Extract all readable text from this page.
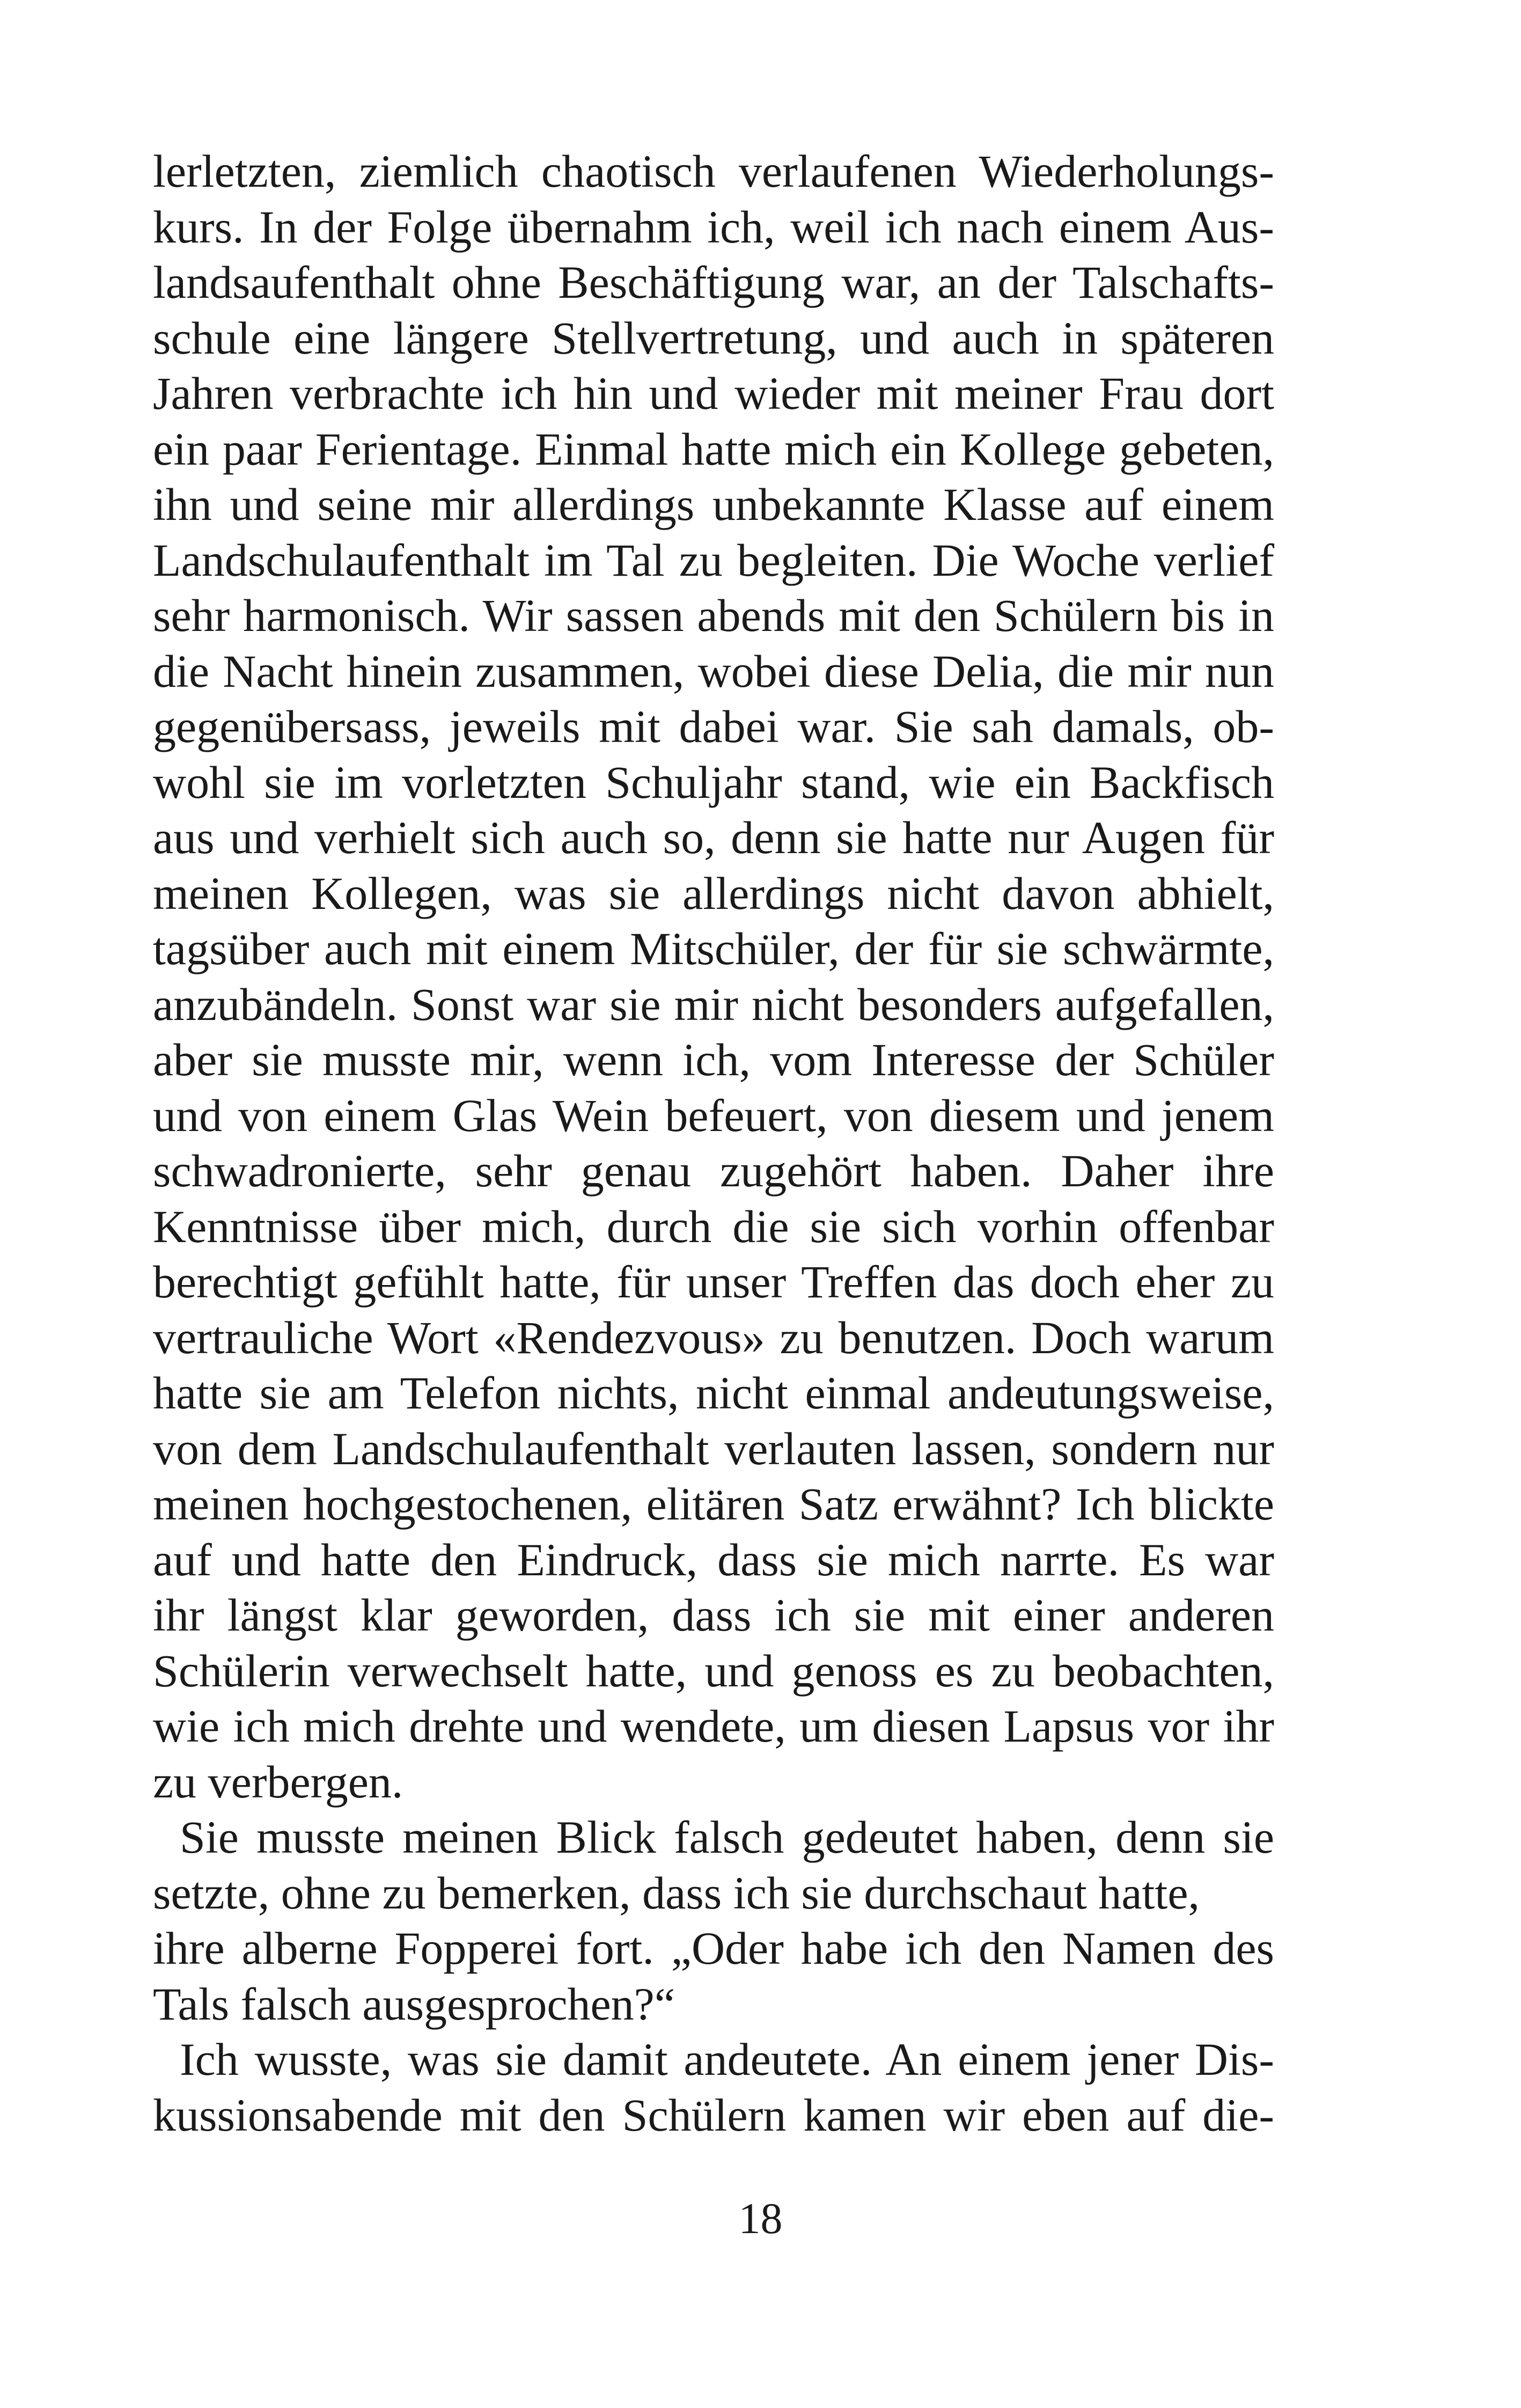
lerletzten, ziemlich chaotisch verlaufenen Wiederholungs-
kurs. In der Folge übernahm ich, weil ich nach einem Aus-
landsaufenthalt ohne Beschäftigung war, an der Talschafts-
schule eine längere Stellvertretung, und auch in späteren
Jahren verbrachte ich hin und wieder mit meiner Frau dort
ein paar Ferientage. Einmal hatte mich ein Kollege gebeten,
ihn und seine mir allerdings unbekannte Klasse auf einem
Landschulaufenthalt im Tal zu begleiten. Die Woche verlief
sehr harmonisch. Wir sassen abends mit den Schülern bis in
die Nacht hinein zusammen, wobei diese Delia, die mir nun
gegenübersass, jeweils mit dabei war. Sie sah damals, ob-
wohl sie im vorletzten Schuljahr stand, wie ein Backfisch
aus und verhielt sich auch so, denn sie hatte nur Augen für
meinen Kollegen, was sie allerdings nicht davon abhielt,
tagsüber auch mit einem Mitschüler, der für sie schwärmte,
anzubändeln. Sonst war sie mir nicht besonders aufgefallen,
aber sie musste mir, wenn ich, vom Interesse der Schüler
und von einem Glas Wein befeuert, von diesem und jenem
schwadronierte, sehr genau zugehört haben. Daher ihre
Kenntnisse über mich, durch die sie sich vorhin offenbar
berechtigt gefühlt hatte, für unser Treffen das doch eher zu
vertrauliche Wort «Rendezvous» zu benutzen. Doch warum
hatte sie am Telefon nichts, nicht einmal andeutungsweise,
von dem Landschulaufenthalt verlauten lassen, sondern nur
meinen hochgestochenen, elitären Satz erwähnt? Ich blickte
auf und hatte den Eindruck, dass sie mich narrte. Es war
ihr längst klar geworden, dass ich sie mit einer anderen
Schülerin verwechselt hatte, und genoss es zu beobachten,
wie ich mich drehte und wendete, um diesen Lapsus vor ihr
zu verbergen.
Sie musste meinen Blick falsch gedeutet haben, denn sie
setzte, ohne zu bemerken, dass ich sie durchschaut hatte,
ihre alberne Fopperei fort. „Oder habe ich den Namen des
Tals falsch ausgesprochen?“
Ich wusste, was sie damit andeutete. An einem jener Dis-
kussionsabende mit den Schülern kamen wir eben auf die-
18
